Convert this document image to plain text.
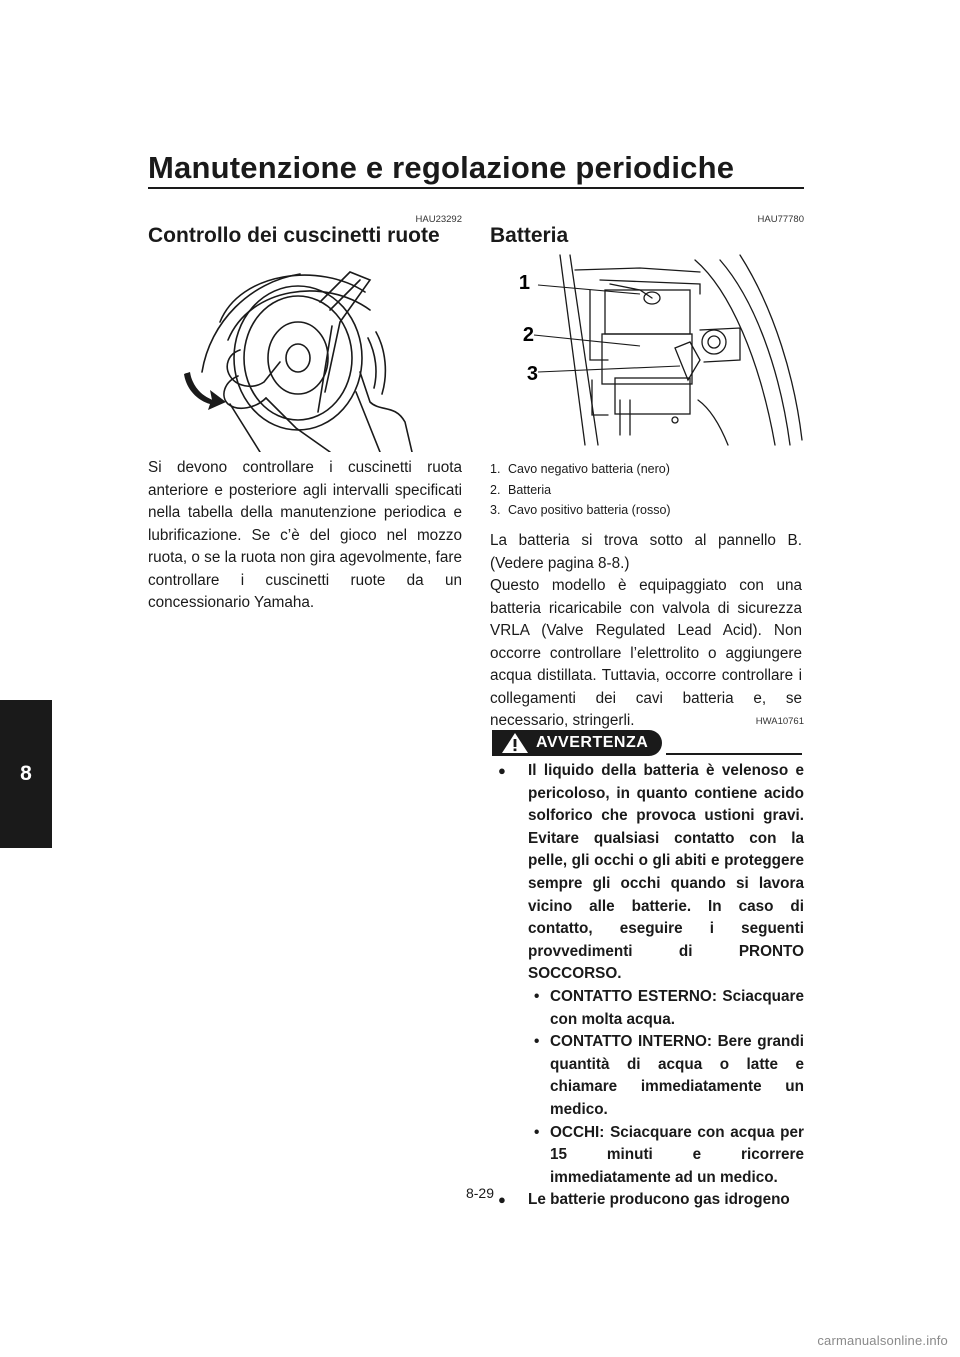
Manutenzione e regolazione periodiche
8
HAU23292
Controllo dei cuscinetti ruote

Si devono controllare i cuscinetti ruota anteriore e posteriore agli intervalli specificati nella tabella della manutenzione periodica e lubrificazione. Se c’è del gioco nel mozzo ruota, o se la ruota non gira agevolmente, fare controllare i cuscinetti ruote da un concessionario Yamaha.

HAU77780
Batteria
1
2
3
1. Cavo negativo batteria (nero)
2. Batteria
3. Cavo positivo batteria (rosso)

La batteria si trova sotto al pannello B. (Vedere pagina 8-8.)

Questo modello è equipaggiato con una batteria ricaricabile con valvola di sicurezza VRLA (Valve Regulated Lead Acid). Non occorre controllare l’elettrolito o aggiungere acqua distillata. Tuttavia, occorre controllare i collegamenti dei cavi batteria e, se necessario, stringerli.	HWA10761
AVVERTENZA
●	Il liquido della batteria è velenoso e pericoloso, in quanto contiene acido solforico che provoca ustioni gravi. Evitare qualsiasi contatto con la pelle, gli occhi o gli abiti e proteggere sempre gli occhi quando si lavora vicino alle batterie. In caso di contatto, eseguire i seguenti provvedimenti di PRONTO SOCCORSO.
• CONTATTO ESTERNO: Sciacquare con molta acqua.
• CONTATTO INTERNO: Bere grandi quantità di acqua o latte e chiamare immediatamente un medico.
• OCCHI: Sciacquare con acqua per 15 minuti e ricorrere immediatamente ad un medico.
●	Le batterie producono gas idrogeno
8-29
carmanualsonline.info
